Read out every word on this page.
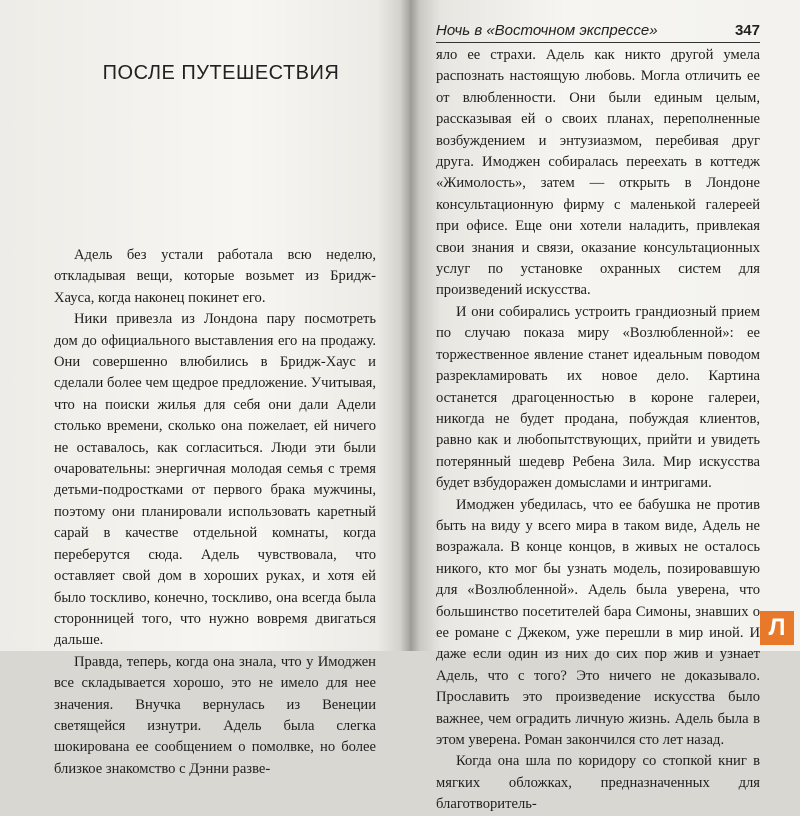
ПОСЛЕ ПУТЕШЕСТВИЯ

Адель без устали работала всю неделю, откладывая вещи, которые возьмет из Бридж-Хауса, когда наконец покинет его.

Ники привезла из Лондона пару посмотреть дом до официального выставления его на продажу. Они совершенно влюбились в Бридж-Хаус и сделали более чем щедрое предложение. Учитывая, что на поиски жилья для себя они дали Адели столько времени, сколько она пожелает, ей ничего не оставалось, как согласиться. Люди эти были очаровательны: энергичная молодая семья с тремя детьми-подростками от первого брака мужчины, поэтому они планировали использовать каретный сарай в качестве отдельной комнаты, когда переберутся сюда. Адель чувствовала, что оставляет свой дом в хороших руках, и хотя ей было тоскливо, конечно, тоскливо, она всегда была сторонницей того, что нужно вовремя двигаться дальше.

Правда, теперь, когда она знала, что у Имоджен все складывается хорошо, это не имело для нее значения. Внучка вернулась из Венеции светящейся изнутри. Адель была слегка шокирована ее сообщением о помолвке, но более близкое знакомство с Дэнни разве-

Ночь в «Восточном экспрессе»	347

яло ее страхи. Адель как никто другой умела распознать настоящую любовь. Могла отличить ее от влюбленности. Они были единым целым, рассказывая ей о своих планах, переполненные возбуждением и энтузиазмом, перебивая друг друга. Имоджен собиралась переехать в коттедж «Жимолость», затем — открыть в Лондоне консультационную фирму с маленькой галереей при офисе. Еще они хотели наладить, привлекая свои знания и связи, оказание консультационных услуг по установке охранных систем для произведений искусства.

И они собирались устроить грандиозный прием по случаю показа миру «Возлюбленной»: ее торжественное явление станет идеальным поводом разрекламировать их новое дело. Картина останется драгоценностью в короне галереи, никогда не будет продана, побуждая клиентов, равно как и любопытствующих, прийти и увидеть потерянный шедевр Ребена Зила. Мир искусства будет взбудоражен домыслами и интригами.

Имоджен убедилась, что ее бабушка не против быть на виду у всего мира в таком виде, Адель не возражала. В конце концов, в живых не осталось никого, кто мог бы узнать модель, позировавшую для «Возлюбленной». Адель была уверена, что большинство посетителей бара Симоны, знавших о ее романе с Джеком, уже перешли в мир иной. И даже если один из них до сих пор жив и узнает Адель, что с того? Это ничего не доказывало. Прославить это произведение искусства было важнее, чем оградить личную жизнь. Адель была в этом уверена. Роман закончился сто лет назад.

Когда она шла по коридору со стопкой книг в мягких обложках, предназначенных для благотворитель-

Л
